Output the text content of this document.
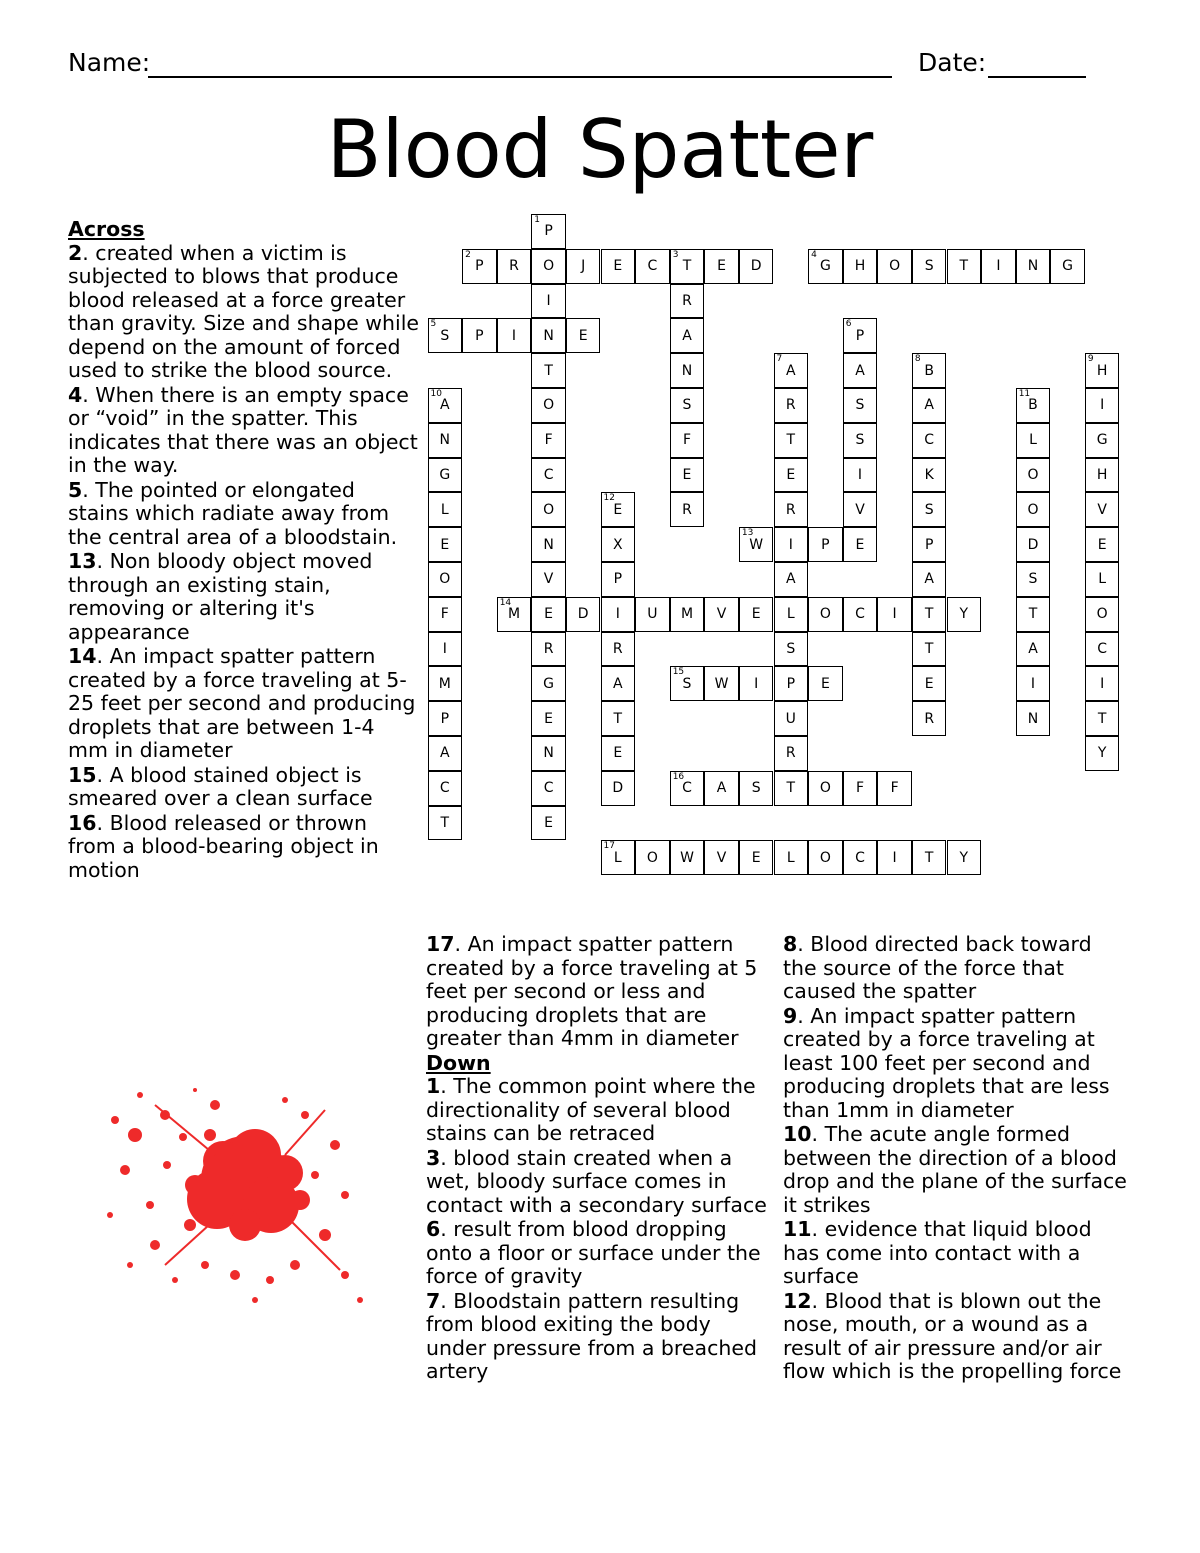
Name:	Date:
Blood Spatter

Across

2. created when a victim is subjected to blows that produce blood released at a force greater than gravity. Size and shape while depend on the amount of forced used to strike the blood source.

4. When there is an empty space or “void” in the spatter. This indicates that there was an object in the way.

5. The pointed or elongated stains which radiate away from the central area of a bloodstain.

13. Non bloody object moved through an existing stain, removing or altering it's appearance

14. An impact spatter pattern created by a force traveling at 5-25 feet per second and producing droplets that are between 1-4 mm in diameter

15. A blood stained object is smeared over a clean surface

16. Blood released or thrown from a blood-bearing object in motion

17. An impact spatter pattern created by a force traveling at 5 feet per second or less and producing droplets that are greater than 4mm in diameter

Down

1. The common point where the directionality of several blood stains can be retraced

3. blood stain created when a wet, bloody surface comes in contact with a secondary surface

6. result from blood dropping onto a floor or surface under the force of gravity

7. Bloodstain pattern resulting from blood exiting the body under pressure from a breached artery

8. Blood directed back toward the source of the force that caused the spatter

9. An impact spatter pattern created by a force traveling at least 100 feet per second and producing droplets that are less than 1mm in diameter

10. The acute angle formed between the direction of a blood drop and the plane of the surface it strikes

11. evidence that liquid blood has come into contact with a surface

12. Blood that is blown out the nose, mouth, or a wound as a result of air pressure and/or air flow which is the propelling force

2
P R O J E C
3
T E D
4
G H O S T I N G
5
S P I N E
13
W I P E
14
M E D I U M V E L O C I T Y
15
S W I P E
16
C A S T O F F
17
L O W V E L O C I T Y
1
P
I
T
O
F
C
O
N
V
R
G
E
N
C
E
R
A
N
S
F
E
R
6
P
A
S
S
I
V
7
A
R
T
E
R
A
S
U
R
8
B
A
C
K
S
P
A
T
E
R
9
H
I
G
H
V
E
L
O
C
I
T
Y
10
A
N
G
L
E
O
F
I
M
P
A
C
T
11
B
L
O
O
D
S
T
A
I
N
12
E
X
P
R
A
T
E
D
